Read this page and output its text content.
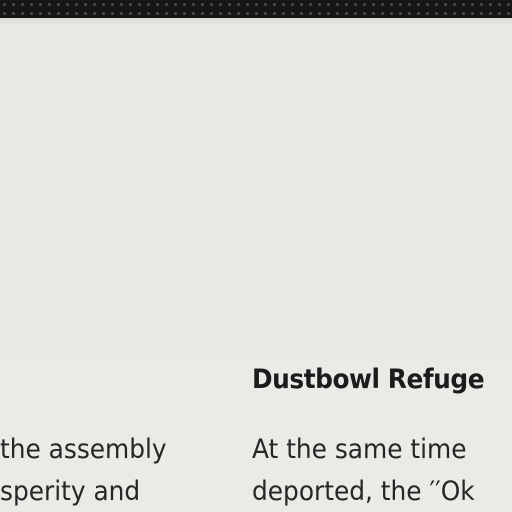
the assembly

sperity and

Dustbowl Refuge

At the same time

deported, the ′′Ok
